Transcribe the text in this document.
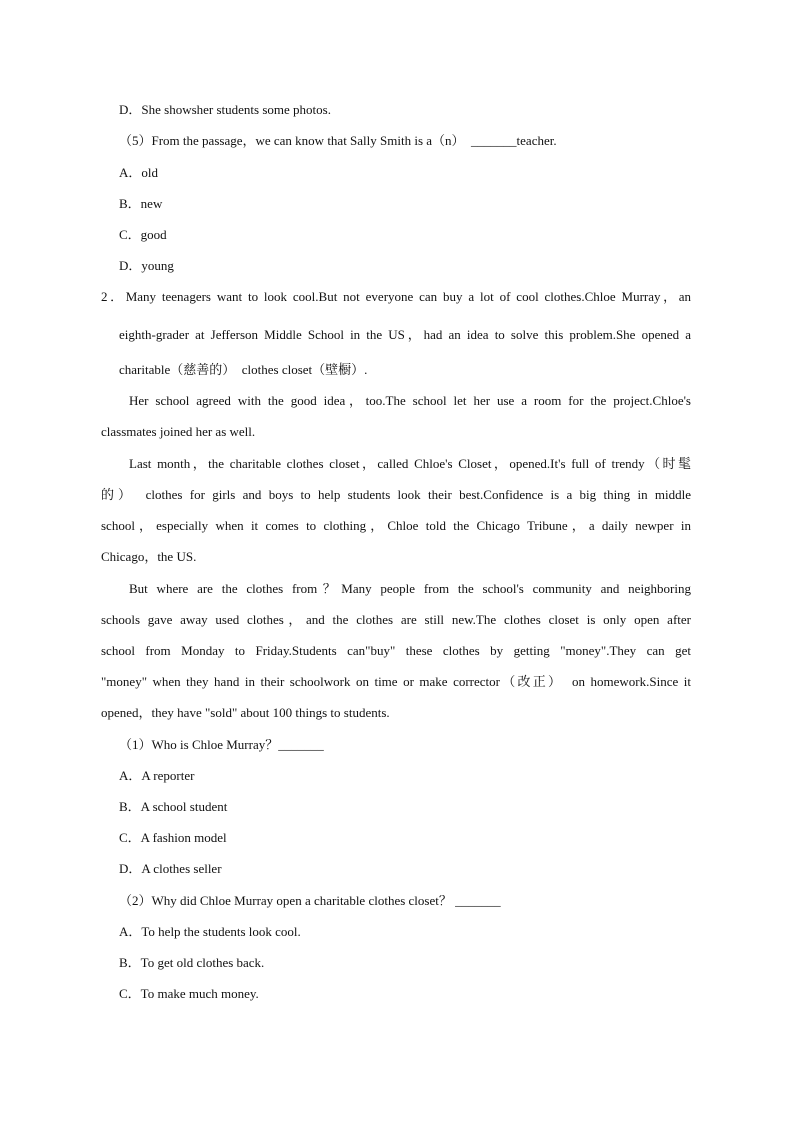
D．She showsher students some photos.
（5）From the passage，we can know that Sally Smith is a（n）　_______teacher.
A．old
B．new
C．good
D．young
2．Many teenagers want to look cool.But not everyone can buy a lot of cool clothes.Chloe Murray，an
eighth-grader at Jefferson Middle School in the US，had an idea to solve this problem.She opened a
charitable（慈善的）　clothes closet（壁橱）.
Her school agreed with the good idea，too.The school let her use a room for the project.Chloe's
classmates joined her as well.
Last month，the charitable clothes closet，called Chloe's Closet，opened.It's full of trendy（时髦
的）　clothes for girls and boys to help students look their best.Confidence is a big thing in middle
school，especially when it comes to clothing，Chloe told the Chicago Tribune，a daily newper in
Chicago，the US.
But where are the clothes from？Many people from the school's community and neighboring
schools gave away used clothes，and the clothes are still new.The clothes closet is only open after
school from Monday to Friday.Students can"buy" these clothes by getting "money".They can get
"money" when they hand in their schoolwork on time or make corrector（改正）　on homework.Since it
opened，they have "sold" about 100 things to students.
（1）Who is Chloe Murray？_______
A．A reporter
B．A school student
C．A fashion model
D．A clothes seller
（2）Why did Chloe Murray open a charitable clothes closet？ _______
A．To help the students look cool.
B．To get old clothes back.
C．To make much money.
